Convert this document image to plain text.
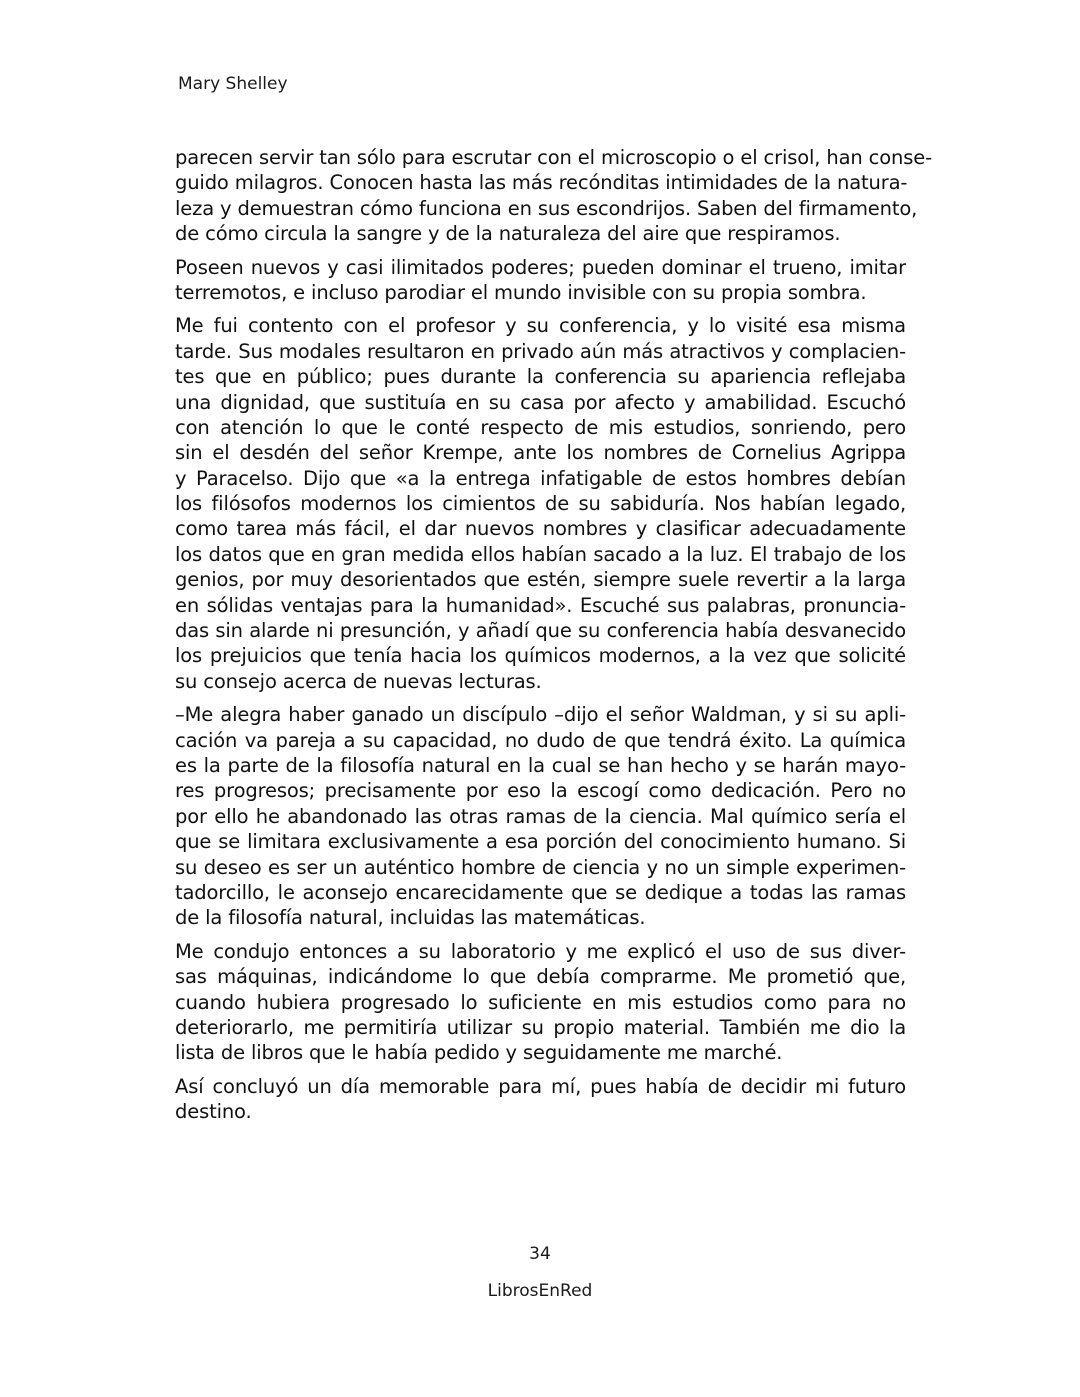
Mary Shelley
parecen servir tan sólo para escrutar con el microscopio o el crisol, han conse-
guido milagros. Conocen hasta las más recónditas intimidades de la natura-
leza y demuestran cómo funciona en sus escondrijos. Saben del firmamento,
de cómo circula la sangre y de la naturaleza del aire que respiramos.
Poseen nuevos y casi ilimitados poderes; pueden dominar el trueno, imitar
terremotos, e incluso parodiar el mundo invisible con su propia sombra.
Me fui contento con el profesor y su conferencia, y lo visité esa misma
tarde. Sus modales resultaron en privado aún más atractivos y complacien-
tes que en público; pues durante la conferencia su apariencia reflejaba
una dignidad, que sustituía en su casa por afecto y amabilidad. Escuchó
con atención lo que le conté respecto de mis estudios, sonriendo, pero
sin el desdén del señor Krempe, ante los nombres de Cornelius Agrippa
y Paracelso. Dijo que «a la entrega infatigable de estos hombres debían
los filósofos modernos los cimientos de su sabiduría. Nos habían legado,
como tarea más fácil, el dar nuevos nombres y clasificar adecuadamente
los datos que en gran medida ellos habían sacado a la luz. El trabajo de los
genios, por muy desorientados que estén, siempre suele revertir a la larga
en sólidas ventajas para la humanidad». Escuché sus palabras, pronuncia-
das sin alarde ni presunción, y añadí que su conferencia había desvanecido
los prejuicios que tenía hacia los químicos modernos, a la vez que solicité
su consejo acerca de nuevas lecturas.
–Me alegra haber ganado un discípulo –dijo el señor Waldman, y si su apli-
cación va pareja a su capacidad, no dudo de que tendrá éxito. La química
es la parte de la filosofía natural en la cual se han hecho y se harán mayo-
res progresos; precisamente por eso la escogí como dedicación. Pero no
por ello he abandonado las otras ramas de la ciencia. Mal químico sería el
que se limitara exclusivamente a esa porción del conocimiento humano. Si
su deseo es ser un auténtico hombre de ciencia y no un simple experimen-
tadorcillo, le aconsejo encarecidamente que se dedique a todas las ramas
de la filosofía natural, incluidas las matemáticas.
Me condujo entonces a su laboratorio y me explicó el uso de sus diver-
sas máquinas, indicándome lo que debía comprarme. Me prometió que,
cuando hubiera progresado lo suficiente en mis estudios como para no
deteriorarlo, me permitiría utilizar su propio material. También me dio la
lista de libros que le había pedido y seguidamente me marché.
Así concluyó un día memorable para mí, pues había de decidir mi futuro
destino.
34
LibrosEnRed
